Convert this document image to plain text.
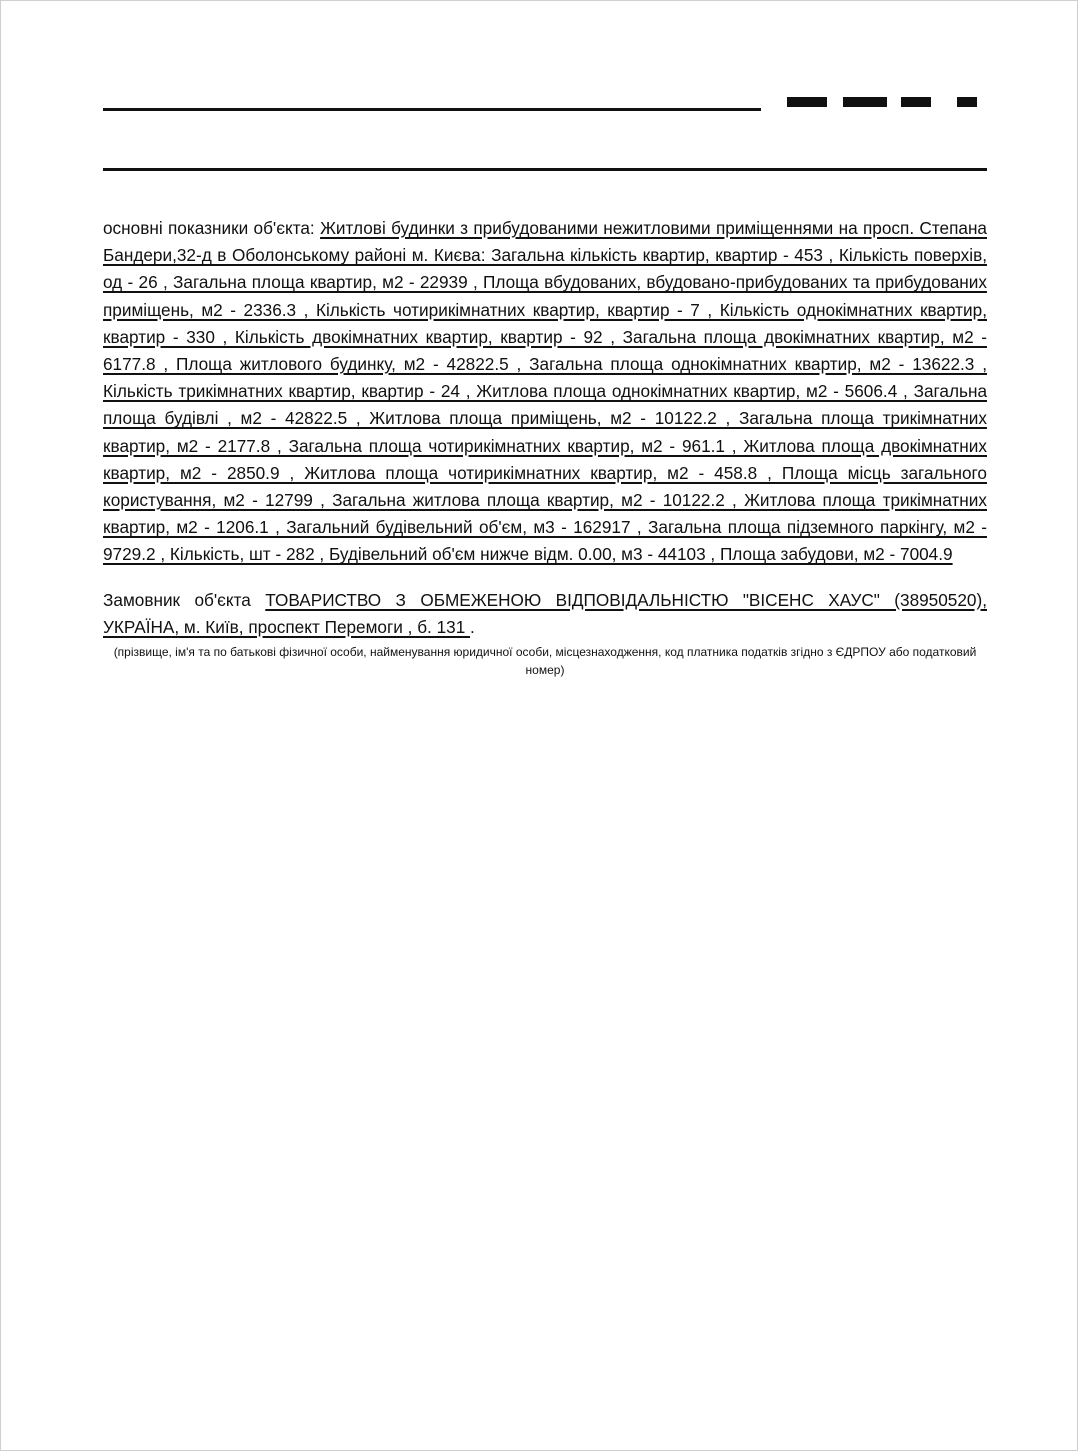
основні показники об'єкта: Житлові будинки з прибудованими нежитловими приміщеннями на просп. Степана Бандери,32-д в Оболонському районі м. Києва: Загальна кількість квартир, квартир - 453 , Кількість поверхів, од - 26 , Загальна площа квартир, м2 - 22939 , Площа вбудованих, вбудовано-прибудованих та прибудованих приміщень, м2 - 2336.3 , Кількість чотирикімнатних квартир, квартир - 7 , Кількість однокімнатних квартир, квартир - 330 , Кількість двокімнатних квартир, квартир - 92 , Загальна площа двокімнатних квартир, м2 - 6177.8 , Площа житлового будинку, м2 - 42822.5 , Загальна площа однокімнатних квартир, м2 - 13622.3 , Кількість трикімнатних квартир, квартир - 24 , Житлова площа однокімнатних квартир, м2 - 5606.4 , Загальна площа будівлі , м2 - 42822.5 , Житлова площа приміщень, м2 - 10122.2 , Загальна площа трикімнатних квартир, м2 - 2177.8 , Загальна площа чотирикімнатних квартир, м2 - 961.1 , Житлова площа двокімнатних квартир, м2 - 2850.9 , Житлова площа чотирикімнатних квартир, м2 - 458.8 , Площа місць загального користування, м2 - 12799 , Загальна житлова площа квартир, м2 - 10122.2 , Житлова площа трикімнатних квартир, м2 - 1206.1 , Загальний будівельний об'єм, м3 - 162917 , Загальна площа підземного паркінгу, м2 - 9729.2 , Кількість, шт - 282 , Будівельний об'єм нижче відм. 0.00, м3 - 44103 , Площа забудови, м2 - 7004.9

Замовник об'єкта ТОВАРИСТВО З ОБМЕЖЕНОЮ ВІДПОВІДАЛЬНІСТЮ "ВІСЕНС ХАУС" (38950520), УКРАЇНА, м. Київ, проспект Перемоги , б. 131 .

(прізвище, ім'я та по батькові фізичної особи, найменування юридичної особи, місцезнаходження, код платника податків згідно з ЄДРПОУ або податковий номер)
